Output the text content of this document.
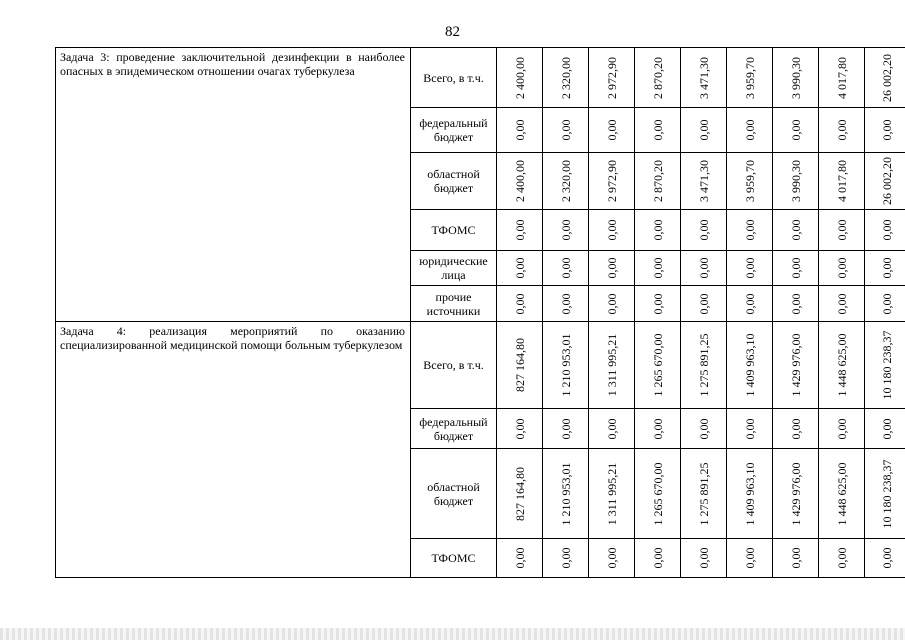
82
Задача 3: проведение заключительной дезинфекции в наиболее опасных в эпидемическом отношении очагах туберкулеза	Всего, в т.ч.	2 400,00	2 320,00	2 972,90	2 870,20	3 471,30	3 959,70	3 990,30	4 017,80	26 002,20

	федеральный бюджет	0,00	0,00	0,00	0,00	0,00	0,00	0,00	0,00	0,00

	областной бюджет	2 400,00	2 320,00	2 972,90	2 870,20	3 471,30	3 959,70	3 990,30	4 017,80	26 002,20

	ТФОМС	0,00	0,00	0,00	0,00	0,00	0,00	0,00	0,00	0,00

	юридические лица	0,00	0,00	0,00	0,00	0,00	0,00	0,00	0,00	0,00

	прочие источники	0,00	0,00	0,00	0,00	0,00	0,00	0,00	0,00	0,00

Задача 4: реализация мероприятий по оказанию специализированной медицинской помощи больным туберкулезом	Всего, в т.ч.	827 164,80	1 210 953,01	1 311 995,21	1 265 670,00	1 275 891,25	1 409 963,10	1 429 976,00	1 448 625,00	10 180 238,37

	федеральный бюджет	0,00	0,00	0,00	0,00	0,00	0,00	0,00	0,00	0,00

	областной бюджет	827 164,80	1 210 953,01	1 311 995,21	1 265 670,00	1 275 891,25	1 409 963,10	1 429 976,00	1 448 625,00	10 180 238,37

	ТФОМС	0,00	0,00	0,00	0,00	0,00	0,00	0,00	0,00	0,00
